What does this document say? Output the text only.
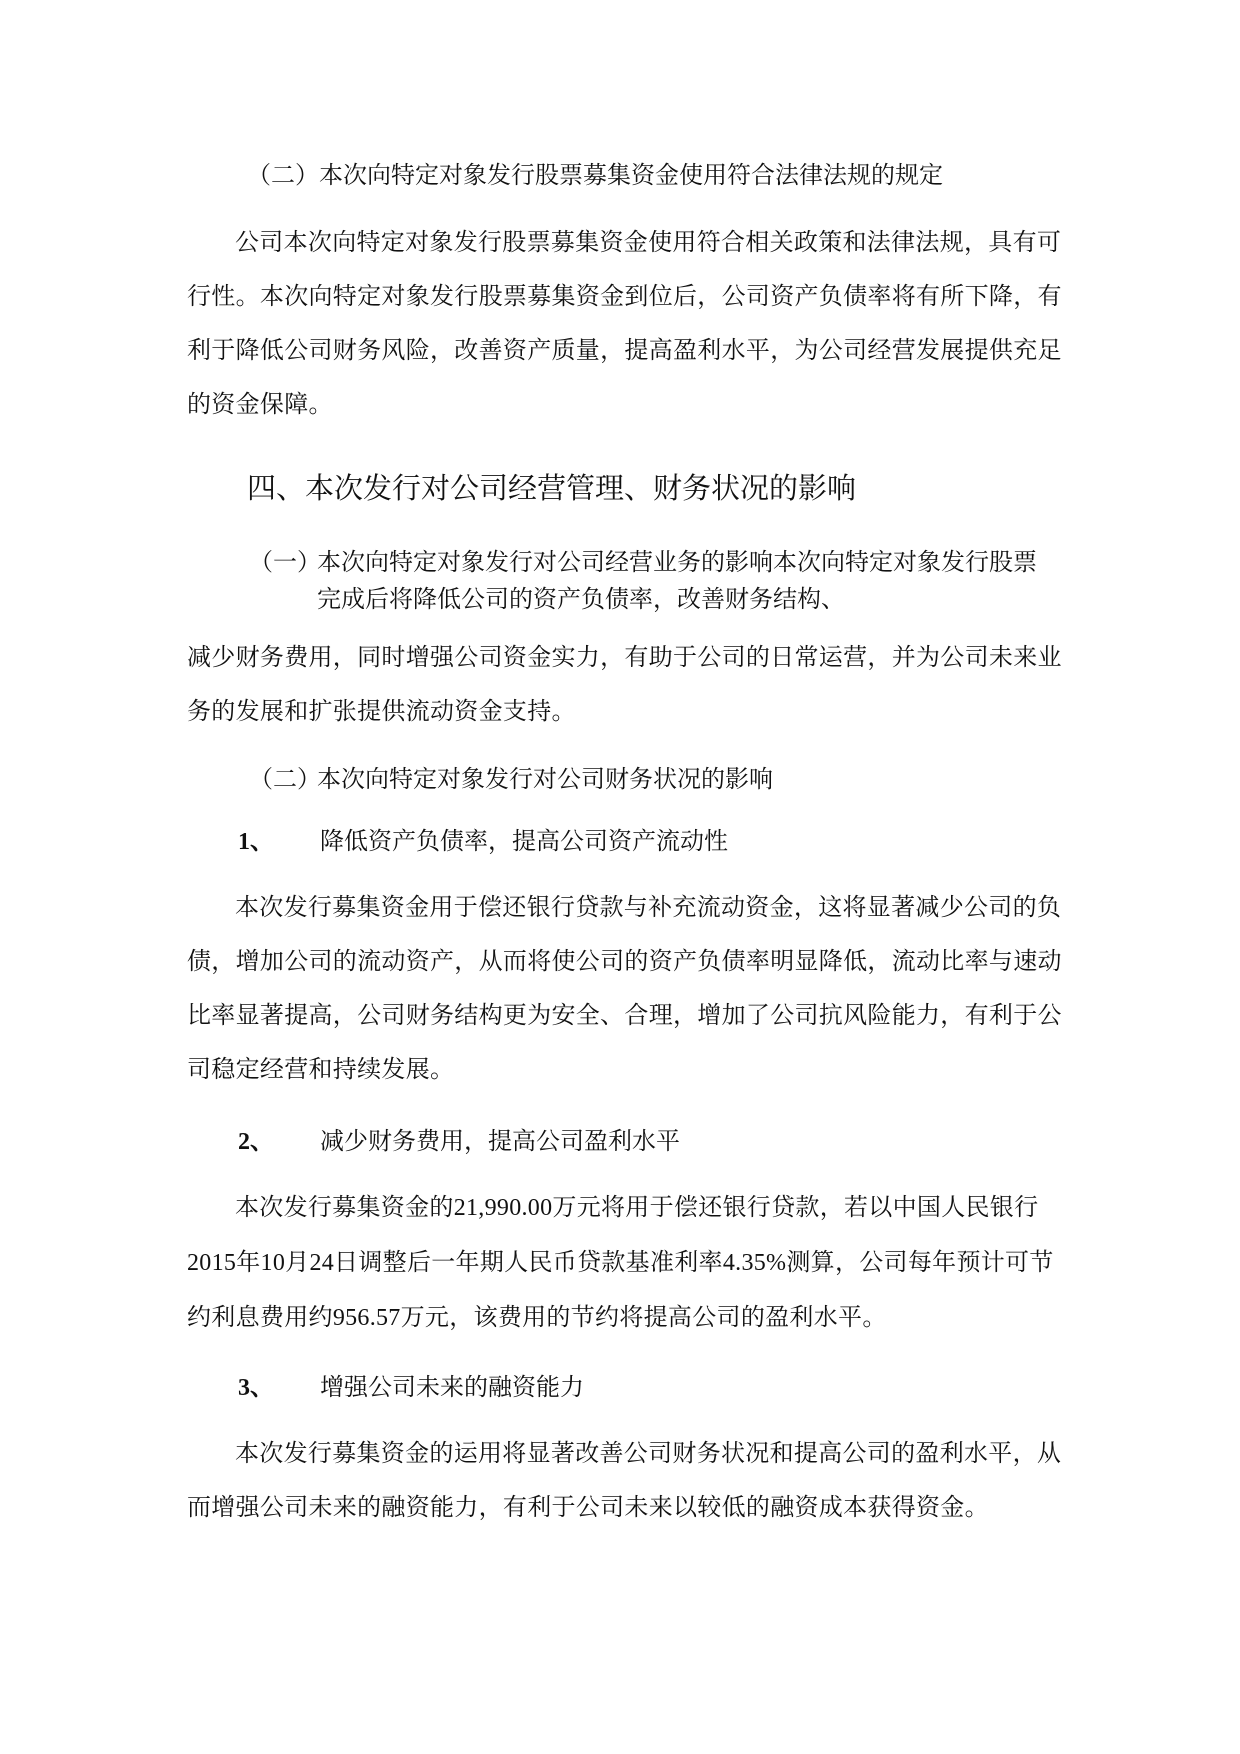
（二）本次向特定对象发行股票募集资金使用符合法律法规的规定

公司本次向特定对象发行股票募集资金使用符合相关政策和法律法规，具有可行性。本次向特定对象发行股票募集资金到位后，公司资产负债率将有所下降，有利于降低公司财务风险，改善资产质量，提高盈利水平，为公司经营发展提供充足的资金保障。

四、本次发行对公司经营管理、财务状况的影响
（一）本次向特定对象发行对公司经营业务的影响本次向特定对象发行股票
完成后将降低公司的资产负债率，改善财务结构、

减少财务费用，同时增强公司资金实力，有助于公司的日常运营，并为公司未来业务的发展和扩张提供流动资金支持。

（二）本次向特定对象发行对公司财务状况的影响

1、 降低资产负债率，提高公司资产流动性

本次发行募集资金用于偿还银行贷款与补充流动资金，这将显著减少公司的负债，增加公司的流动资产，从而将使公司的资产负债率明显降低，流动比率与速动比率显著提高，公司财务结构更为安全、合理，增加了公司抗风险能力，有利于公司稳定经营和持续发展。

2、 减少财务费用，提高公司盈利水平

本次发行募集资金的21,990.00万元将用于偿还银行贷款，若以中国人民银行2015年10月24日调整后一年期人民币贷款基准利率4.35%测算，公司每年预计可节约利息费用约956.57万元，该费用的节约将提高公司的盈利水平。

3、 增强公司未来的融资能力

本次发行募集资金的运用将显著改善公司财务状况和提高公司的盈利水平，从而增强公司未来的融资能力，有利于公司未来以较低的融资成本获得资金。
